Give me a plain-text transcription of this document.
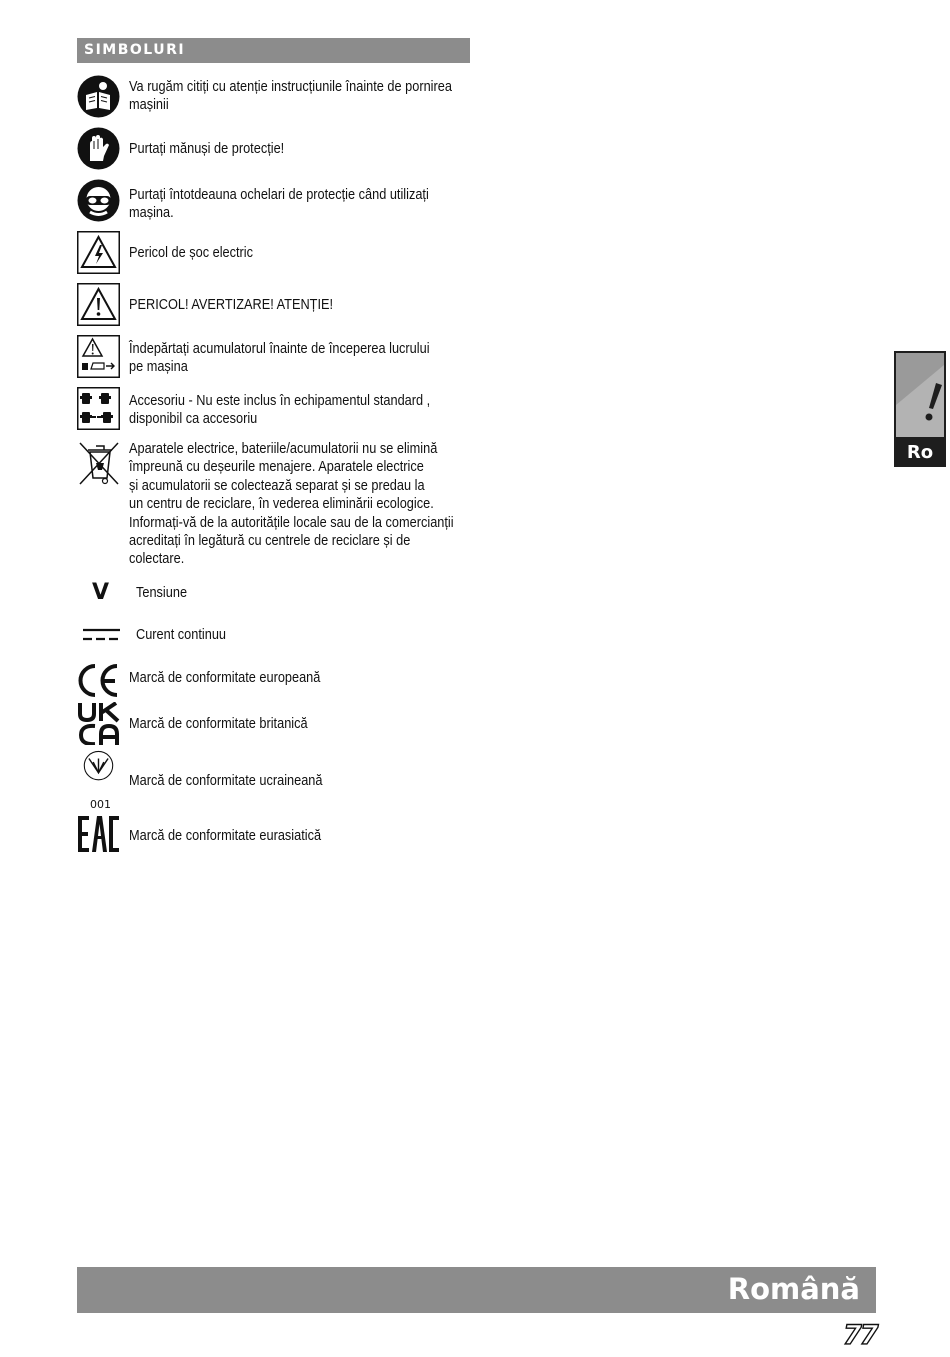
SIMBOLURI
V
001
Va rugăm citiți cu atenție instrucțiunile înainte de pornirea
mașinii
Purtați mănuși de protecție!
Purtați întotdeauna ochelari de protecție când utilizați
mașina.
Pericol de șoc electric
PERICOL! AVERTIZARE! ATENȚIE!
Îndepărtați acumulatorul înainte de începerea lucrului
pe mașina
Accesoriu - Nu este inclus în echipamentul standard ,
disponibil ca accesoriu
Aparatele electrice, bateriile/acumulatorii nu se elimină
împreună cu deșeurile menajere. Aparatele electrice
și acumulatorii se colectează separat și se predau la
un centru de reciclare, în vederea eliminării ecologice.
Informați-vă de la autoritățile locale sau de la comercianții
acreditați în legătură cu centrele de reciclare și de
colectare.
Tensiune
Curent continuu
Marcă de conformitate europeană
Marcă de conformitate britanică
Marcă de conformitate ucraineană
Marcă de conformitate eurasiatică
Ro
Română
77
